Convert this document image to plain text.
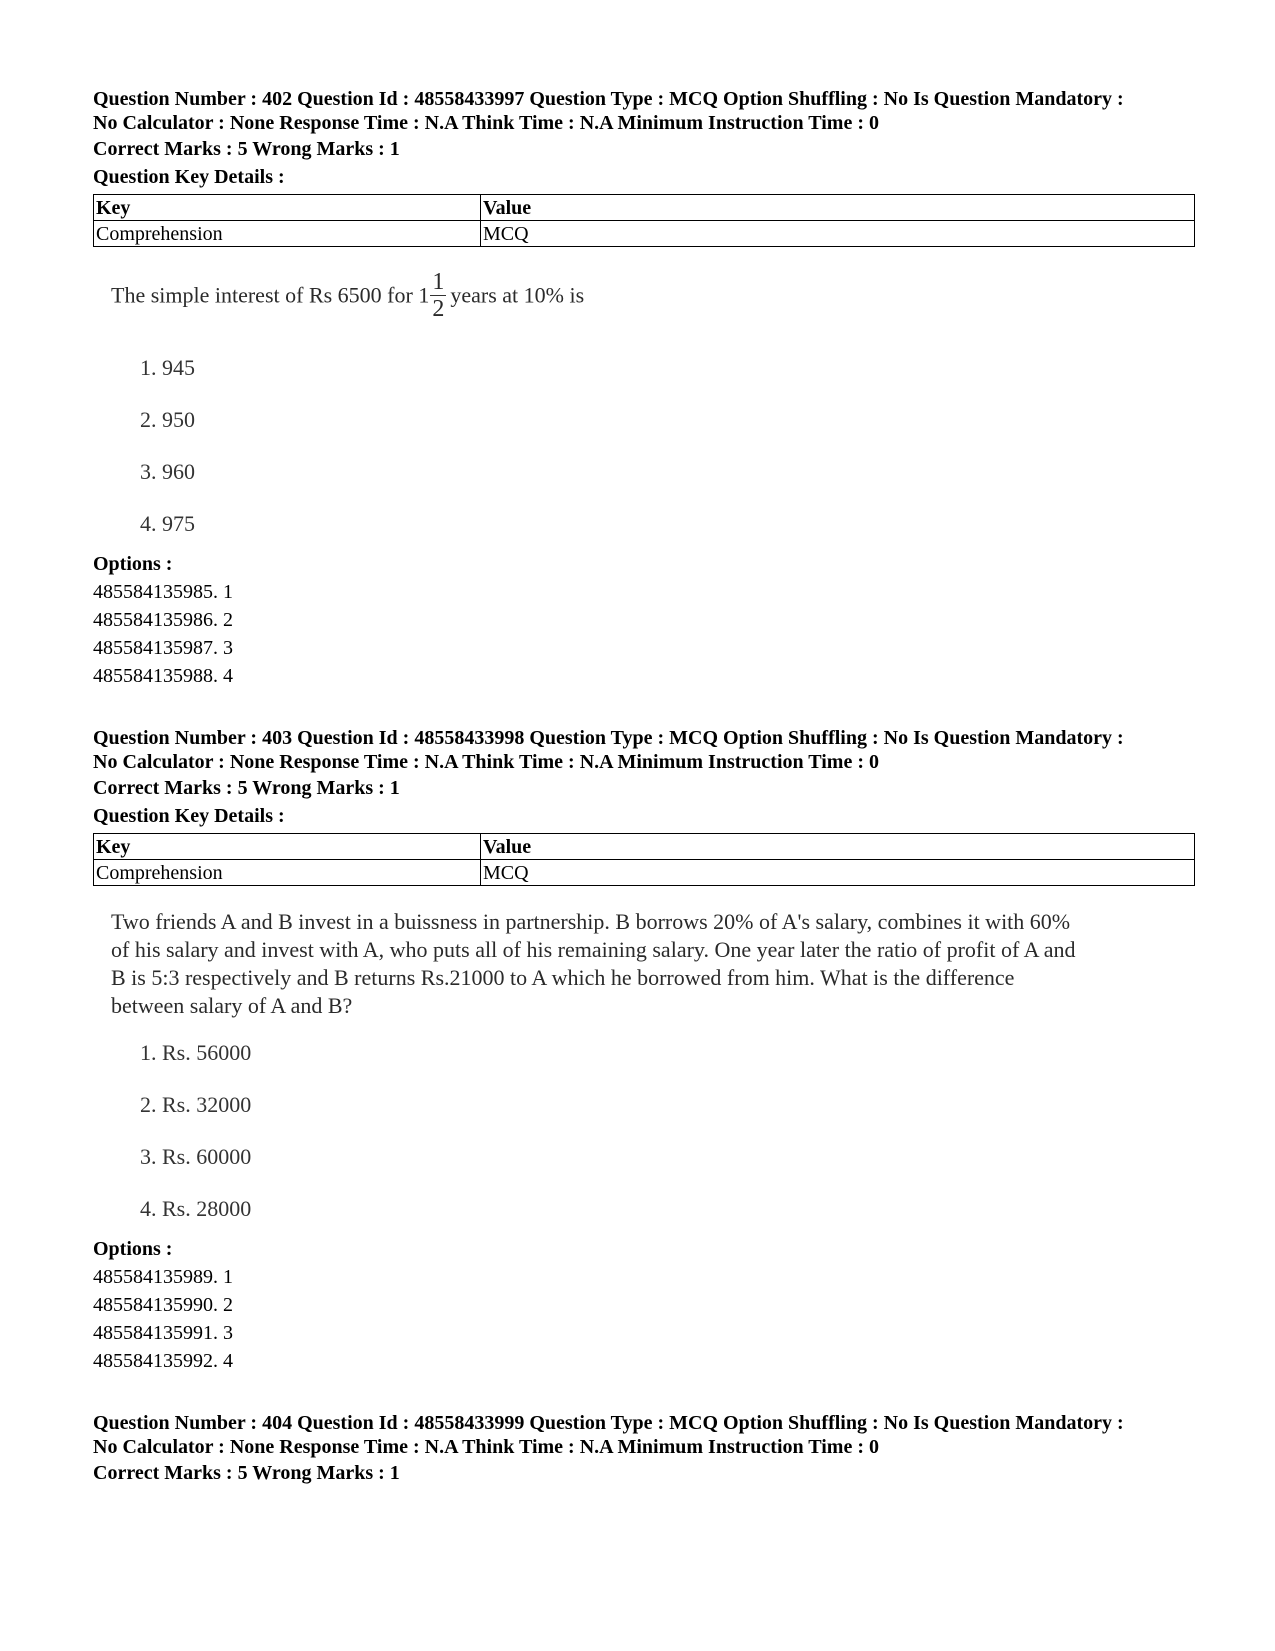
Question Number : 402 Question Id : 48558433997 Question Type : MCQ Option Shuffling : No Is Question Mandatory :
No Calculator : None Response Time : N.A Think Time : N.A Minimum Instruction Time : 0
Correct Marks : 5 Wrong Marks : 1
Question Key Details :
Key	Value
Comprehension	MCQ
The simple interest of Rs 6500 for $1 \frac{1}{2}$ years at 10% is
1. 945
2. 950
3. 960
4. 975
Options :
485584135985. 1
485584135986. 2
485584135987. 3
485584135988. 4
Question Number : 403 Question Id : 48558433998 Question Type : MCQ Option Shuffling : No Is Question Mandatory :
No Calculator : None Response Time : N.A Think Time : N.A Minimum Instruction Time : 0
Correct Marks : 5 Wrong Marks : 1
Question Key Details :
Key	Value
Comprehension	MCQ
Two friends A and B invest in a buissness in partnership. B borrows 20% of A's salary, combines it with 60%
of his salary and invest with A, who puts all of his remaining salary. One year later the ratio of profit of A and
B is 5:3 respectively and B returns Rs.21000 to A which he borrowed from him. What is the difference
between salary of A and B?
1. Rs. 56000
2. Rs. 32000
3. Rs. 60000
4. Rs. 28000
Options :
485584135989. 1
485584135990. 2
485584135991. 3
485584135992. 4
Question Number : 404 Question Id : 48558433999 Question Type : MCQ Option Shuffling : No Is Question Mandatory :
No Calculator : None Response Time : N.A Think Time : N.A Minimum Instruction Time : 0
Correct Marks : 5 Wrong Marks : 1
